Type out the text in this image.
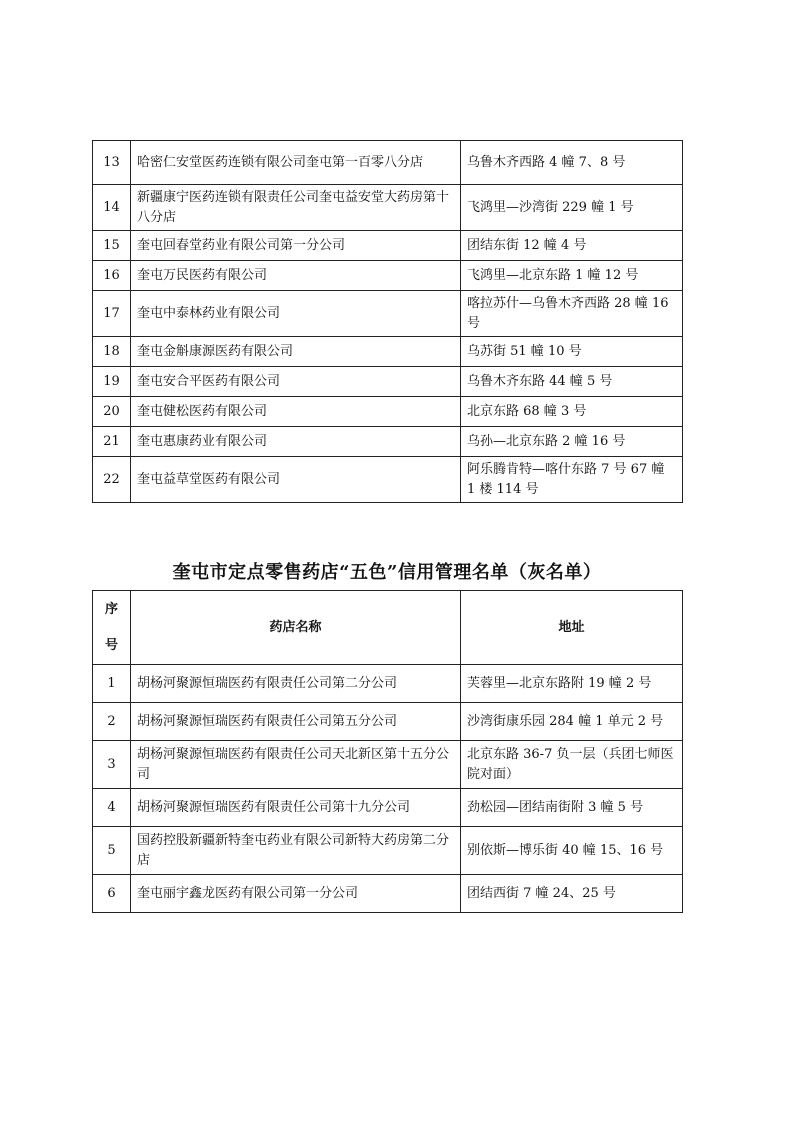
13	哈密仁安堂医药连锁有限公司奎屯第一百零八分店	乌鲁木齐西路 4 幢 7、8 号
14	新疆康宁医药连锁有限责任公司奎屯益安堂大药房第十八分店	飞鸿里—沙湾街 229 幢 1 号
15	奎屯回春堂药业有限公司第一分公司	团结东街 12 幢 4 号
16	奎屯万民医药有限公司	飞鸿里—北京东路 1 幢 12 号
17	奎屯中泰林药业有限公司	喀拉苏什—乌鲁木齐西路 28 幢 16 号
18	奎屯金斛康源医药有限公司	乌苏街 51 幢 10 号
19	奎屯安合平医药有限公司	乌鲁木齐东路 44 幢 5 号
20	奎屯健松医药有限公司	北京东路 68 幢 3 号
21	奎屯惠康药业有限公司	乌孙—北京东路 2 幢 16 号
22	奎屯益草堂医药有限公司	阿乐腾肯特—喀什东路 7 号 67 幢 1 楼 114 号
奎屯市定点零售药店“五色”信用管理名单（灰名单）
序
号	药店名称	地址
1	胡杨河聚源恒瑞医药有限责任公司第二分公司	芙蓉里—北京东路附 19 幢 2 号
2	胡杨河聚源恒瑞医药有限责任公司第五分公司	沙湾街康乐园 284 幢 1 单元 2 号
3	胡杨河聚源恒瑞医药有限责任公司天北新区第十五分公司	北京东路 36-7 负一层（兵团七师医院对面）
4	胡杨河聚源恒瑞医药有限责任公司第十九分公司	劲松园—团结南街附 3 幢 5 号
5	国药控股新疆新特奎屯药业有限公司新特大药房第二分店	别依斯—博乐街 40 幢 15、16 号
6	奎屯丽宇鑫龙医药有限公司第一分公司	团结西街 7 幢 24、25 号
